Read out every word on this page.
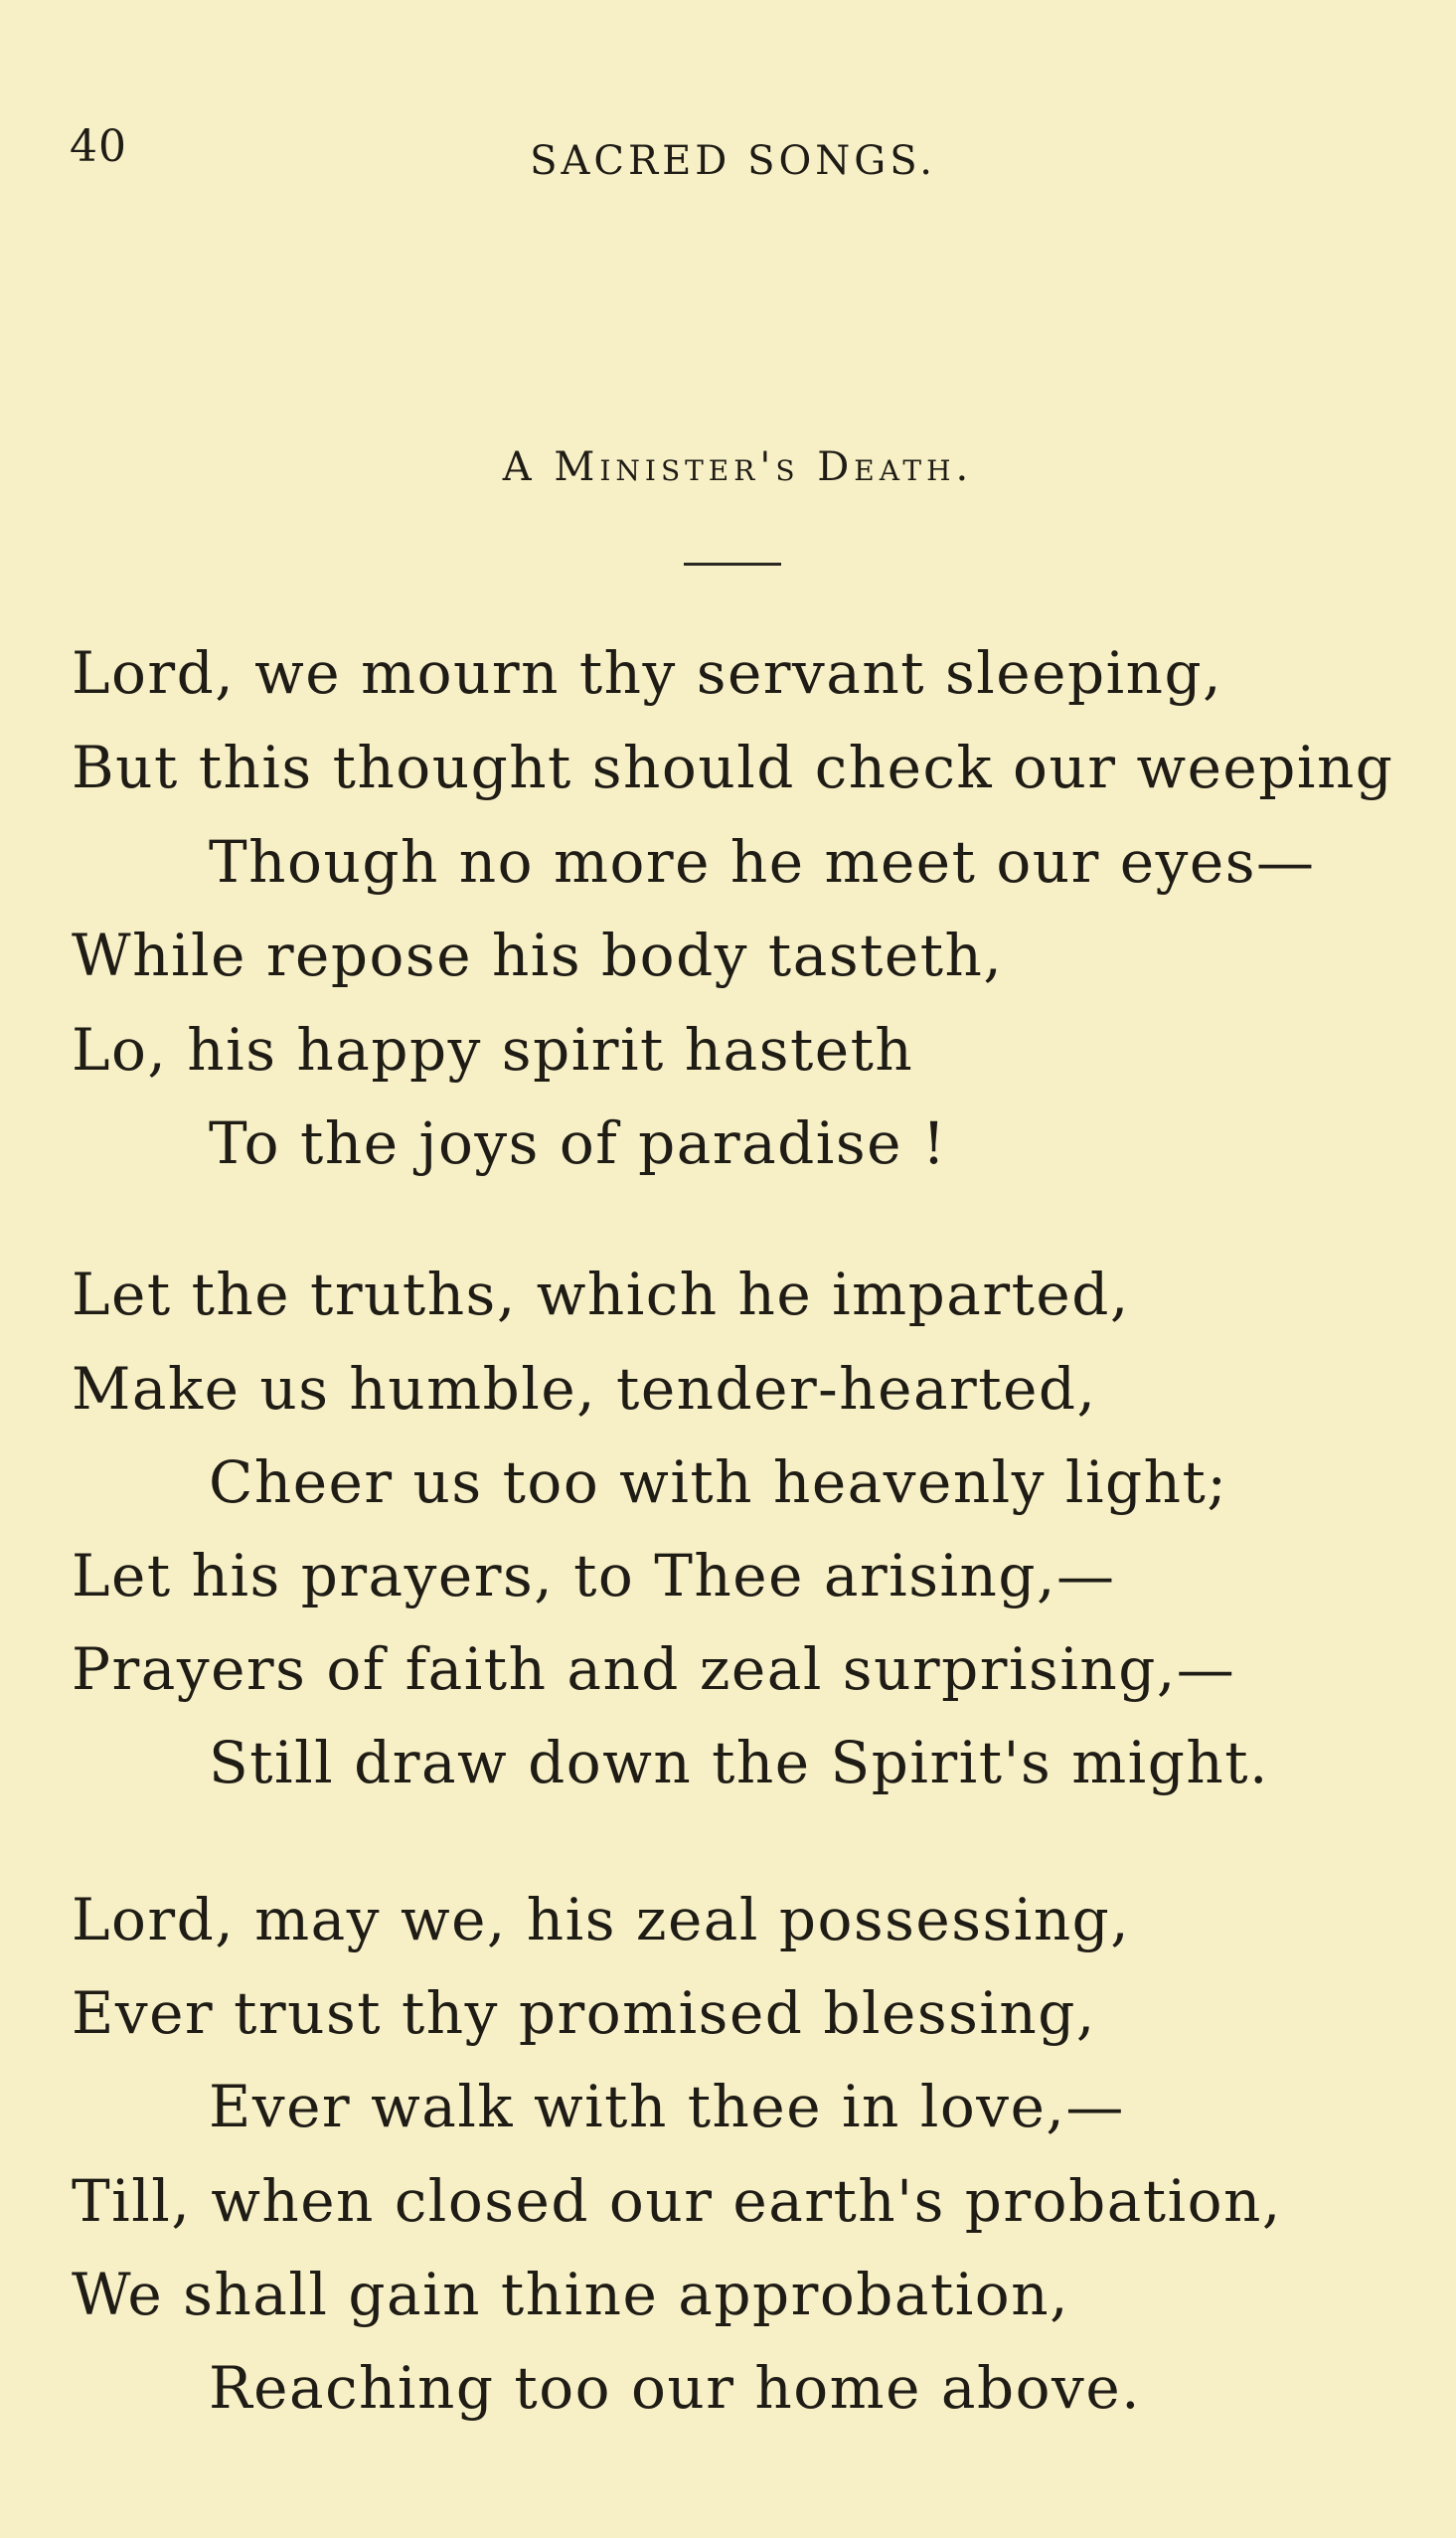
40	SACRED SONGS.
A Minister's Death.
Lord, we mourn thy servant sleeping,
But this thought should check our weeping
Though no more he meet our eyes—
While repose his body tasteth,
Lo, his happy spirit hasteth
To the joys of paradise !
Let the truths, which he imparted,
Make us humble, tender-hearted,
Cheer us too with heavenly light;
Let his prayers, to Thee arising,—
Prayers of faith and zeal surprising,—
Still draw down the Spirit's might.
Lord, may we, his zeal possessing,
Ever trust thy promised blessing,
Ever walk with thee in love,—
Till, when closed our earth's probation,
We shall gain thine approbation,
Reaching too our home above.
